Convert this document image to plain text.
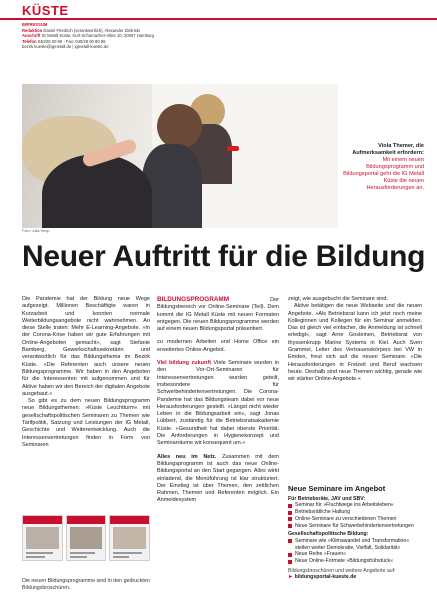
KÜSTE
IMPRESSUM
Redaktion Daniel Friedrich (verantwortlich), Alexander Zielinski
Anschrift IG Metall Küste, Kurt-Schumacher-Allee 10, 20097 Hamburg
Telefon 040/28 00 90 - Fax: 040/28 00 90 99
bezirk.kueste@igmetall.de | igmetall-kueste.de
Foto: Julia Knop
Viola Themer, die Aufmerksamkeit erfordern:
Mit einem neuen Bildungsprogramm und Bildungsportal geht die IG Metall Küste die neuen Herausforderungen an.
Neuer Auftritt für die Bildung

Die Pandemie hat der Bildung neue Wege aufgezeigt. Millionen Beschäftigte waren in Kurzarbeit und konnten normale Weiterbildungsangebote nicht wahrnehmen. An diese Stelle traten: Mehr E-Learning-Angebote. »In der Corona-Krise haben wir gute Erfahrungen mit Online-Angeboten gemacht«, sagt Stefanie Bamberg, Gewerkschaftssekretärin und verantwortlich für das Bildungsthema im Bezirk Küste. »Die Referenten auch unsere neuen Bildungsprogramme. Wir haben in den Angeboten für die Interessenten mit aufgenommen und für Aktive haben wir den Bereich der digitalen Angebote ausgebaut.«

So gibt es zu dem neuen Bildungsprogramm neue Bildungsthemen: »Küste Leuchtturm« mit gesellschaftspolitischen Seminaren zu Themen wie Tarifpolitik, Satzung und Leistungen der IG Metall, Geschichte und Weiterentwicklung. Auch die Interessenvertretungen finden in Form von Seminaren

BILDUNGSPROGRAMM Der Bildungsbereich vor Online-Seminare (Teil). Dem kommt die IG Metall Küste mit neuen Formaten entgegen. Die neuen Bildungsprogramme werden auf einem neuen Bildungsportal präsentiert.

zu modernen Arbeiten und Home Office ein erweitertes Online-Angebot.

Viel bildung zukunft Viele Seminare wurden in den Vor-Ort-Seminaren für Interessenvertretungen wurden geteilt, insbesondere für Schwerbehindertenvertretungen. Die Corona-Pandemie hat das Bildungsteam dabei vor neue Herausforderungen gestellt. »Längst nicht wieder Leben in die Bildungsarbeit ein«, sagt Jonas Lübbert, zuständig für die Betriebsratsakademie Küste. »Gesundheit hat dabei oberste Priorität. Die Anforderungen in Hygienekonzept und Seminarräume wir konsequent um.«

Alles neu im Netz. Zusammen mit dem Bildungsprogramm ist auch das neue Online-Bildungsportal an den Start gegangen. Alles wirkt einladend, die Menüführung ist klar strukturiert. Der Einstieg ist über Themen, den zeitlichen Rahmen, Themen und Referenten möglich. Ein Anmeldesystem

zeigt, wie ausgebucht die Seminare sind.

Aktive betätigen die neue Webseite und die neuen Angebote. »Als Betriebsrat kann ich jetzt noch meine Kolleginnen und Kollegen für ein Seminar anmelden. Das ist gleich viel einfacher, die Anmeldung ist schnell erledigt«, sagt Arne Gosteinen, Betriebsrat von thyssenkrupp Marine Systems in Kiel. Auch Sven Grammel, Leiter des Vertrauenskörpers bei VW in Emden, freut sich auf die neuen Seminare. »Die Herausforderungen in Freizeit und Beruf wachsen heute. Deshalb sind neue Themen wichtig, gerade wie wir stärker Online-Angebote.«

Die neuen Bildungsprogramme sind in den gedruckten Bildungsbroschüren.
Neue Seminare im Angebot
Für Betriebsräte, JAV und SBV:
Seminar für »Fluchtwege ins Arbeitsleben«
Betriebsrätliche Haltung
Online-Seminare zu verschiedenen Themen
Neue Seminare für Schwerbehindertenvertretungen
Gesellschaftspolitische Bildung:
Seminare wie »Klimawandel und Transformation« stellen weiter Demokratie, Vielfalt, Solidarität«
Neue Reihe »Frauen«
Neue Online-Formate »Bildungsfrühstück«
Bildungsbroschüren und weitere Angebote auf:
► bildungsportal-kueste.de
